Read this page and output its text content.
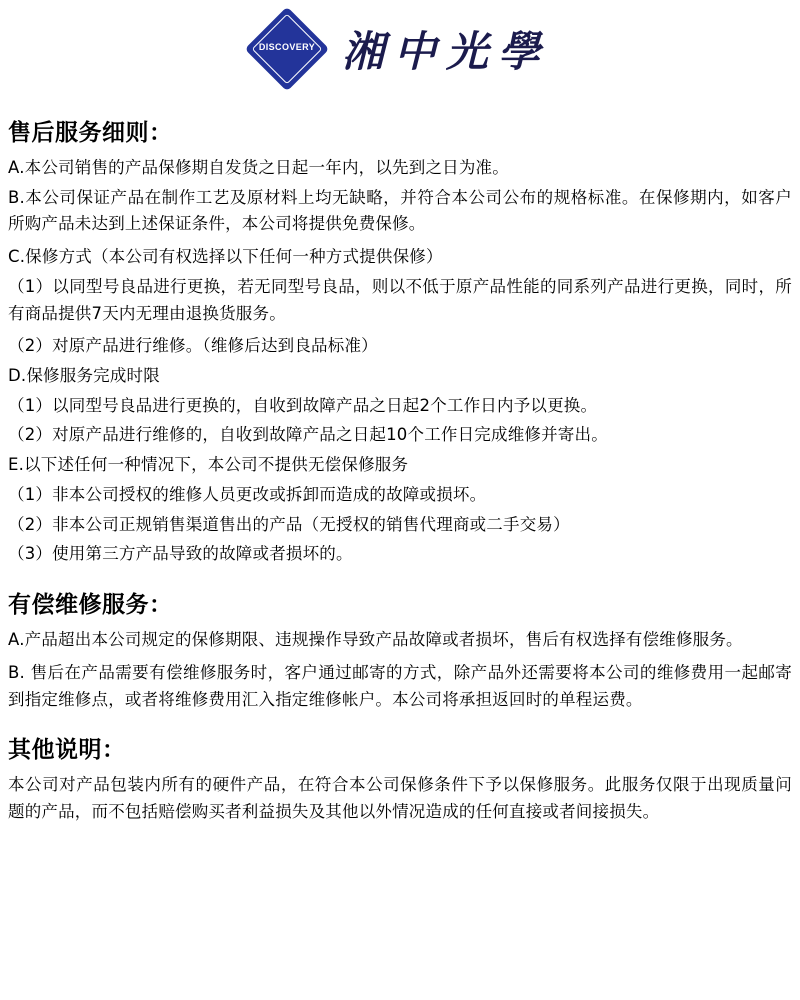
DISCOVERY 湘中光學
售后服务细则：

A.本公司销售的产品保修期自发货之日起一年内，以先到之日为准。

B.本公司保证产品在制作工艺及原材料上均无缺略，并符合本公司公布的规格标准。在保修期内，如客户所购产品未达到上述保证条件，本公司将提供免费保修。

C.保修方式（本公司有权选择以下任何一种方式提供保修）

（1）以同型号良品进行更换，若无同型号良品，则以不低于原产品性能的同系列产品进行更换，同时，所有商品提供7天内无理由退换货服务。

（2）对原产品进行维修。（维修后达到良品标准）

D.保修服务完成时限

（1）以同型号良品进行更换的，自收到故障产品之日起2个工作日内予以更换。

（2）对原产品进行维修的，自收到故障产品之日起10个工作日完成维修并寄出。

E.以下述任何一种情况下，本公司不提供无偿保修服务

（1）非本公司授权的维修人员更改或拆卸而造成的故障或损坏。

（2）非本公司正规销售渠道售出的产品（无授权的销售代理商或二手交易）

（3）使用第三方产品导致的故障或者损坏的。

有偿维修服务：

A.产品超出本公司规定的保修期限、违规操作导致产品故障或者损坏，售后有权选择有偿维修服务。

B. 售后在产品需要有偿维修服务时，客户通过邮寄的方式，除产品外还需要将本公司的维修费用一起邮寄到指定维修点，或者将维修费用汇入指定维修帐户。本公司将承担返回时的单程运费。

其他说明：

本公司对产品包装内所有的硬件产品，在符合本公司保修条件下予以保修服务。此服务仅限于出现质量问题的产品，而不包括赔偿购买者利益损失及其他以外情况造成的任何直接或者间接损失。
